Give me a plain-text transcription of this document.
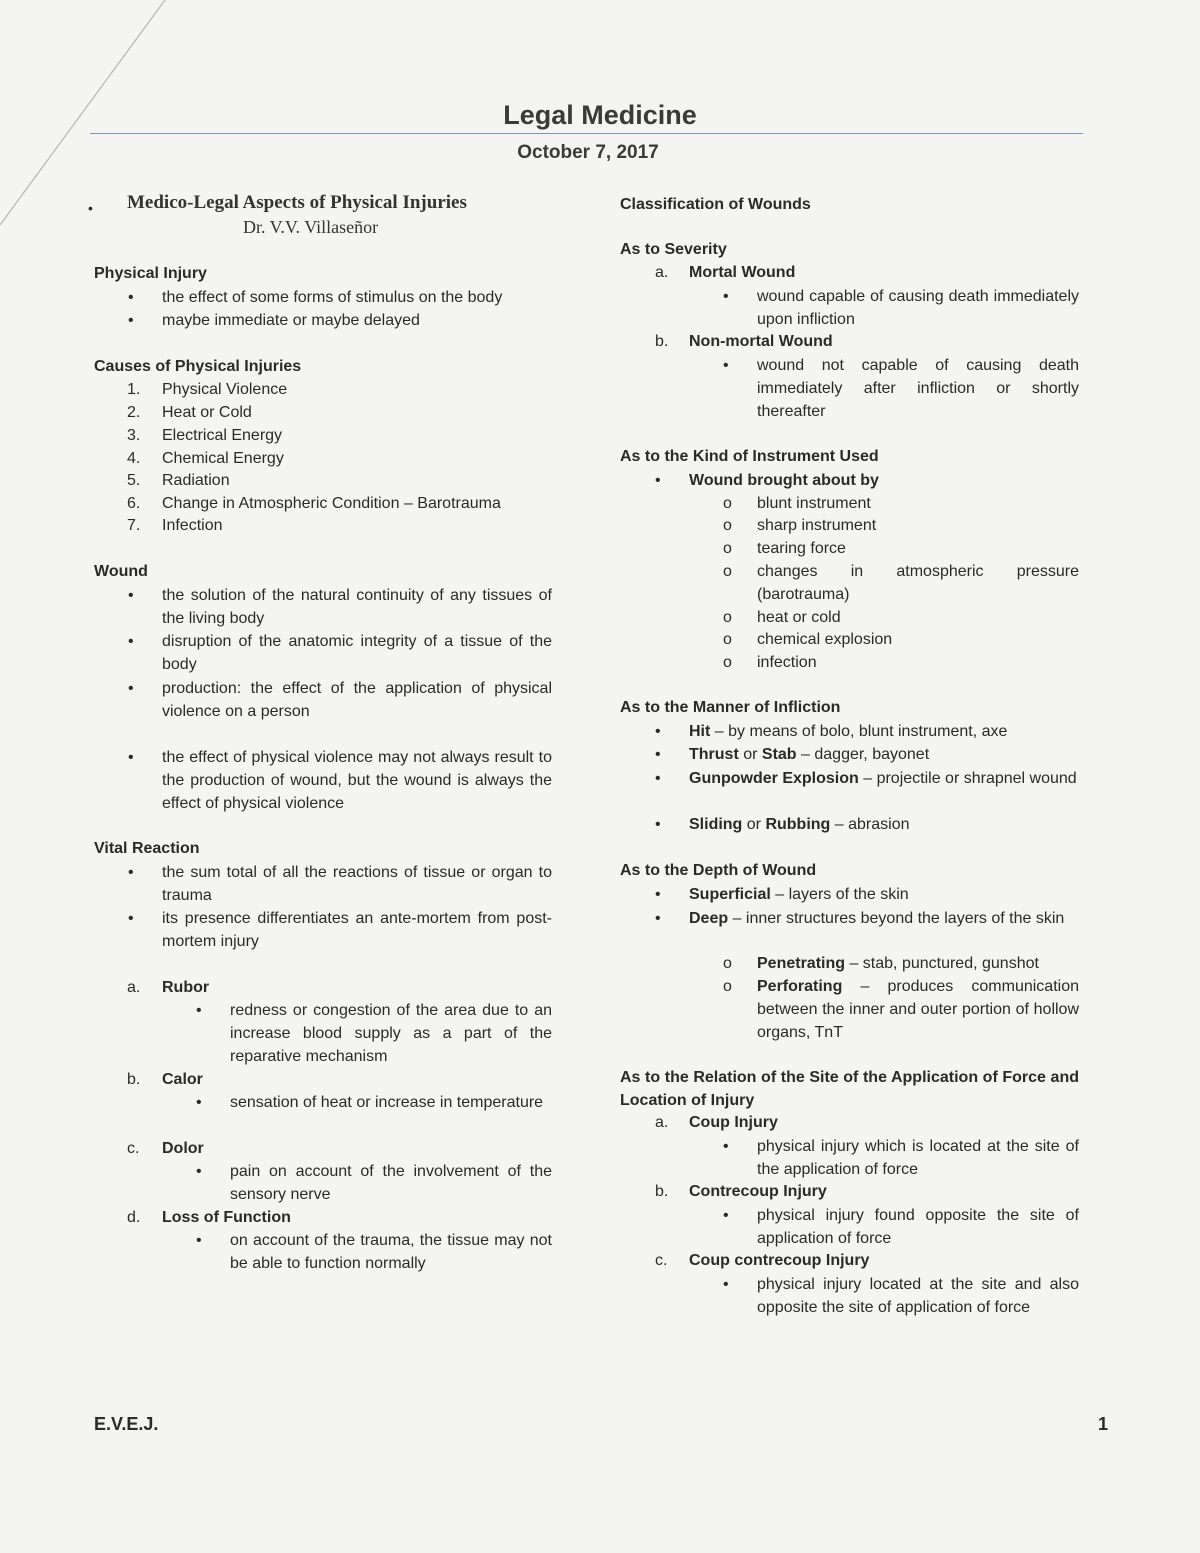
Legal Medicine
October 7, 2017
• Medico-Legal Aspects of Physical Injuries
Dr. V.V. Villaseñor
Physical Injury
• the effect of some forms of stimulus on the body
• maybe immediate or maybe delayed
Causes of Physical Injuries
1. Physical Violence
2. Heat or Cold
3. Electrical Energy
4. Chemical Energy
5. Radiation
6. Change in Atmospheric Condition – Barotrauma
7. Infection
Wound
• the solution of the natural continuity of any tissues of the living body
• disruption of the anatomic integrity of a tissue of the body
• production: the effect of the application of physical violence on a person
• the effect of physical violence may not always result to the production of wound, but the wound is always the effect of physical violence
Vital Reaction
• the sum total of all the reactions of tissue or organ to trauma
• its presence differentiates an ante-mortem from post-mortem injury
a. Rubor
• redness or congestion of the area due to an increase blood supply as a part of the reparative mechanism
b. Calor
• sensation of heat or increase in temperature
c. Dolor
• pain on account of the involvement of the sensory nerve
d. Loss of Function
• on account of the trauma, the tissue may not be able to function normally
Classification of Wounds
As to Severity
a. Mortal Wound
• wound capable of causing death immediately upon infliction
b. Non-mortal Wound
• wound not capable of causing death immediately after infliction or shortly thereafter
As to the Kind of Instrument Used
• Wound brought about by
o blunt instrument
o sharp instrument
o tearing force
o changes in atmospheric pressure (barotrauma)
o heat or cold
o chemical explosion
o infection
As to the Manner of Infliction
• Hit – by means of bolo, blunt instrument, axe
• Thrust or Stab – dagger, bayonet
• Gunpowder Explosion – projectile or shrapnel wound
• Sliding or Rubbing – abrasion
As to the Depth of Wound
• Superficial – layers of the skin
• Deep – inner structures beyond the layers of the skin
o Penetrating – stab, punctured, gunshot
o Perforating – produces communication between the inner and outer portion of hollow organs, TnT
As to the Relation of the Site of the Application of Force and Location of Injury
a. Coup Injury
• physical injury which is located at the site of the application of force
b. Contrecoup Injury
• physical injury found opposite the site of application of force
c. Coup contrecoup Injury
• physical injury located at the site and also opposite the site of application of force
E.V.E.J.	1
